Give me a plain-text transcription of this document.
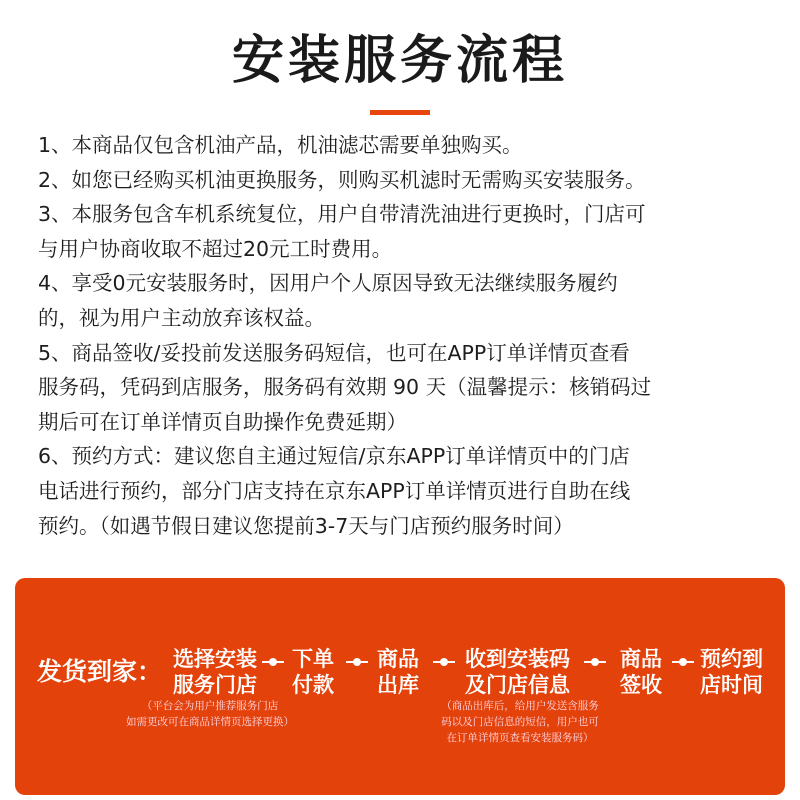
安装服务流程
1、本商品仅包含机油产品，机油滤芯需要单独购买。
2、如您已经购买机油更换服务，则购买机滤时无需购买安装服务。
3、本服务包含车机系统复位，用户自带清洗油进行更换时，门店可
与用户协商收取不超过20元工时费用。
4、享受0元安装服务时，因用户个人原因导致无法继续服务履约
的，视为用户主动放弃该权益。
5、商品签收/妥投前发送服务码短信，也可在APP订单详情页查看
服务码，凭码到店服务，服务码有效期 90 天（温馨提示：核销码过
期后可在订单详情页自助操作免费延期）
6、预约方式：建议您自主通过短信/京东APP订单详情页中的门店
电话进行预约，部分门店支持在京东APP订单详情页进行自助在线
预约。（如遇节假日建议您提前3-7天与门店预约服务时间）
发货到家： 选择安装
服务门店
下单
付款
商品
出库
收到安装码
及门店信息
商品
签收
预约到
店时间
（平台会为用户推荐服务门店
如需更改可在商品详情页选择更换）
（商品出库后，给用户发送含服务
码以及门店信息的短信，用户也可
在订单详情页查看安装服务码）
